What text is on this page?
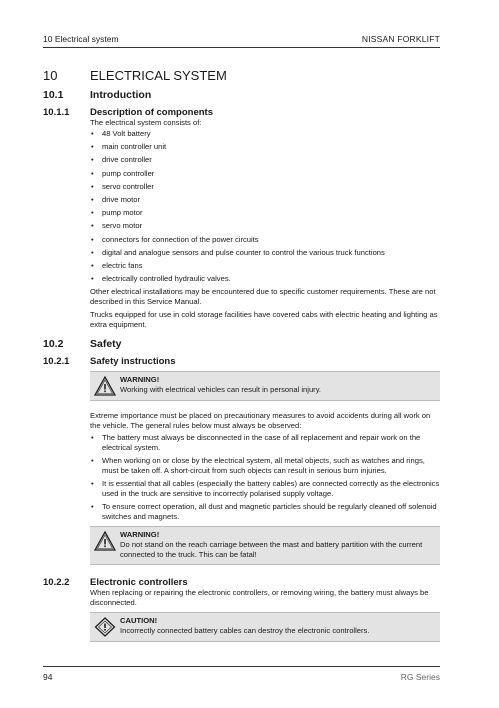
10 Electrical system	NISSAN FORKLIFT
10	ELECTRICAL SYSTEM
10.1	Introduction
10.1.1	Description of components

The electrical system consists of:

• 48 Volt battery
• main controller unit
• drive controller
• pump controller
• servo controller
• drive motor
• pump motor
• servo motor
• connectors for connection of the power circuits
• digital and analogue sensors and pulse counter to control the various truck functions
• electric fans
• electrically controlled hydraulic valves.

Other electrical installations may be encountered due to specific customer requirements. These are not described in this Service Manual.

Trucks equipped for use in cold storage facilities have covered cabs with electric heating and lighting as extra equipment.

10.2	Safety
10.2.1	Safety instructions
WARNING!
Working with electrical vehicles can result in personal injury.

Extreme importance must be placed on precautionary measures to avoid accidents during all work on the vehicle. The general rules below must always be observed:

• The battery must always be disconnected in the case of all replacement and repair work on the electrical system.
• When working on or close by the electrical system, all metal objects, such as watches and rings, must be taken off. A short-circuit from such objects can result in serious burn injuries.
• It is essential that all cables (especially the battery cables) are connected correctly as the electronics used in the truck are sensitive to incorrectly polarised supply voltage.
• To ensure correct operation, all dust and magnetic particles should be regularly cleaned off solenoid switches and magnets.
WARNING!
Do not stand on the reach carriage between the mast and battery partition with the current connected to the truck. This can be fatal!
10.2.2	Electronic controllers

When replacing or repairing the electronic controllers, or removing wiring, the battery must always be disconnected.

CAUTION!
Incorrectly connected battery cables can destroy the electronic controllers.
94	RG Series
